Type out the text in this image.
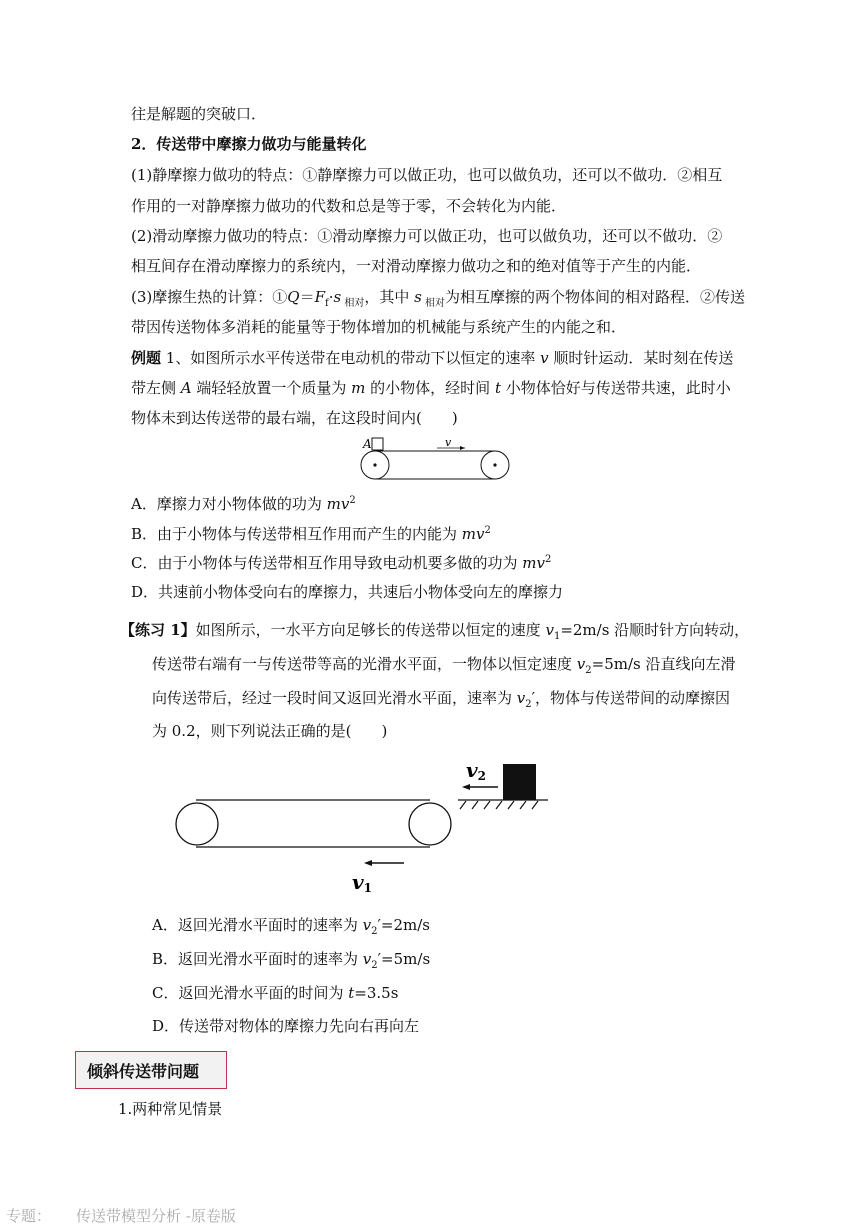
往是解题的突破口．
2．传送带中摩擦力做功与能量转化
(1)静摩擦力做功的特点：①静摩擦力可以做正功，也可以做负功，还可以不做功．②相互
作用的一对静摩擦力做功的代数和总是等于零，不会转化为内能．
(2)滑动摩擦力做功的特点：①滑动摩擦力可以做正功，也可以做负功，还可以不做功．②
相互间存在滑动摩擦力的系统内，一对滑动摩擦力做功之和的绝对值等于产生的内能．
(3)摩擦生热的计算：$①Q=F_f\cdot s$ $_{相对}$，其中 s $_{相对}$为相互摩擦的两个物体间的相对路程．②传送
带因传送物体多消耗的能量等于物体增加的机械能与系统产生的内能之和．
例题 1、如图所示水平传送带在电动机的带动下以恒定的速率 v 顺时针运动．某时刻在传送
带左侧 A 端轻轻放置一个质量为 m 的小物体，经时间 t 小物体恰好与传送带共速，此时小
物体未到达传送带的最右端，在这段时间内(　　)
A	v
A．摩擦力对小物体做的功为 $mv^2$
B．由于小物体与传送带相互作用而产生的内能为 $mv^2$
C．由于小物体与传送带相互作用导致电动机要多做的功为 $mv^2$
D．共速前小物体受向右的摩擦力，共速后小物体受向左的摩擦力
【练习 1】如图所示，一水平方向足够长的传送带以恒定的速度 $v_1=2m/s$ 沿顺时针方向转动，
传送带右端有一与传送带等高的光滑水平面，一物体以恒定速度 $v_2=5m/s$ 沿直线向左滑
向传送带后，经过一段时间又返回光滑水平面，速率为 $v_2'$，物体与传送带间的动摩擦因
为 0.2，则下列说法正确的是(　　)
v2
v1
A．返回光滑水平面时的速率为 $v_2'=2m/s$
B．返回光滑水平面时的速率为 $v_2'=5m/s$
C．返回光滑水平面的时间为 t=3.5s
D．传送带对物体的摩擦力先向右再向左
倾斜传送带问题
1.两种常见情景
专题： 传送带模型分析 -原卷版
